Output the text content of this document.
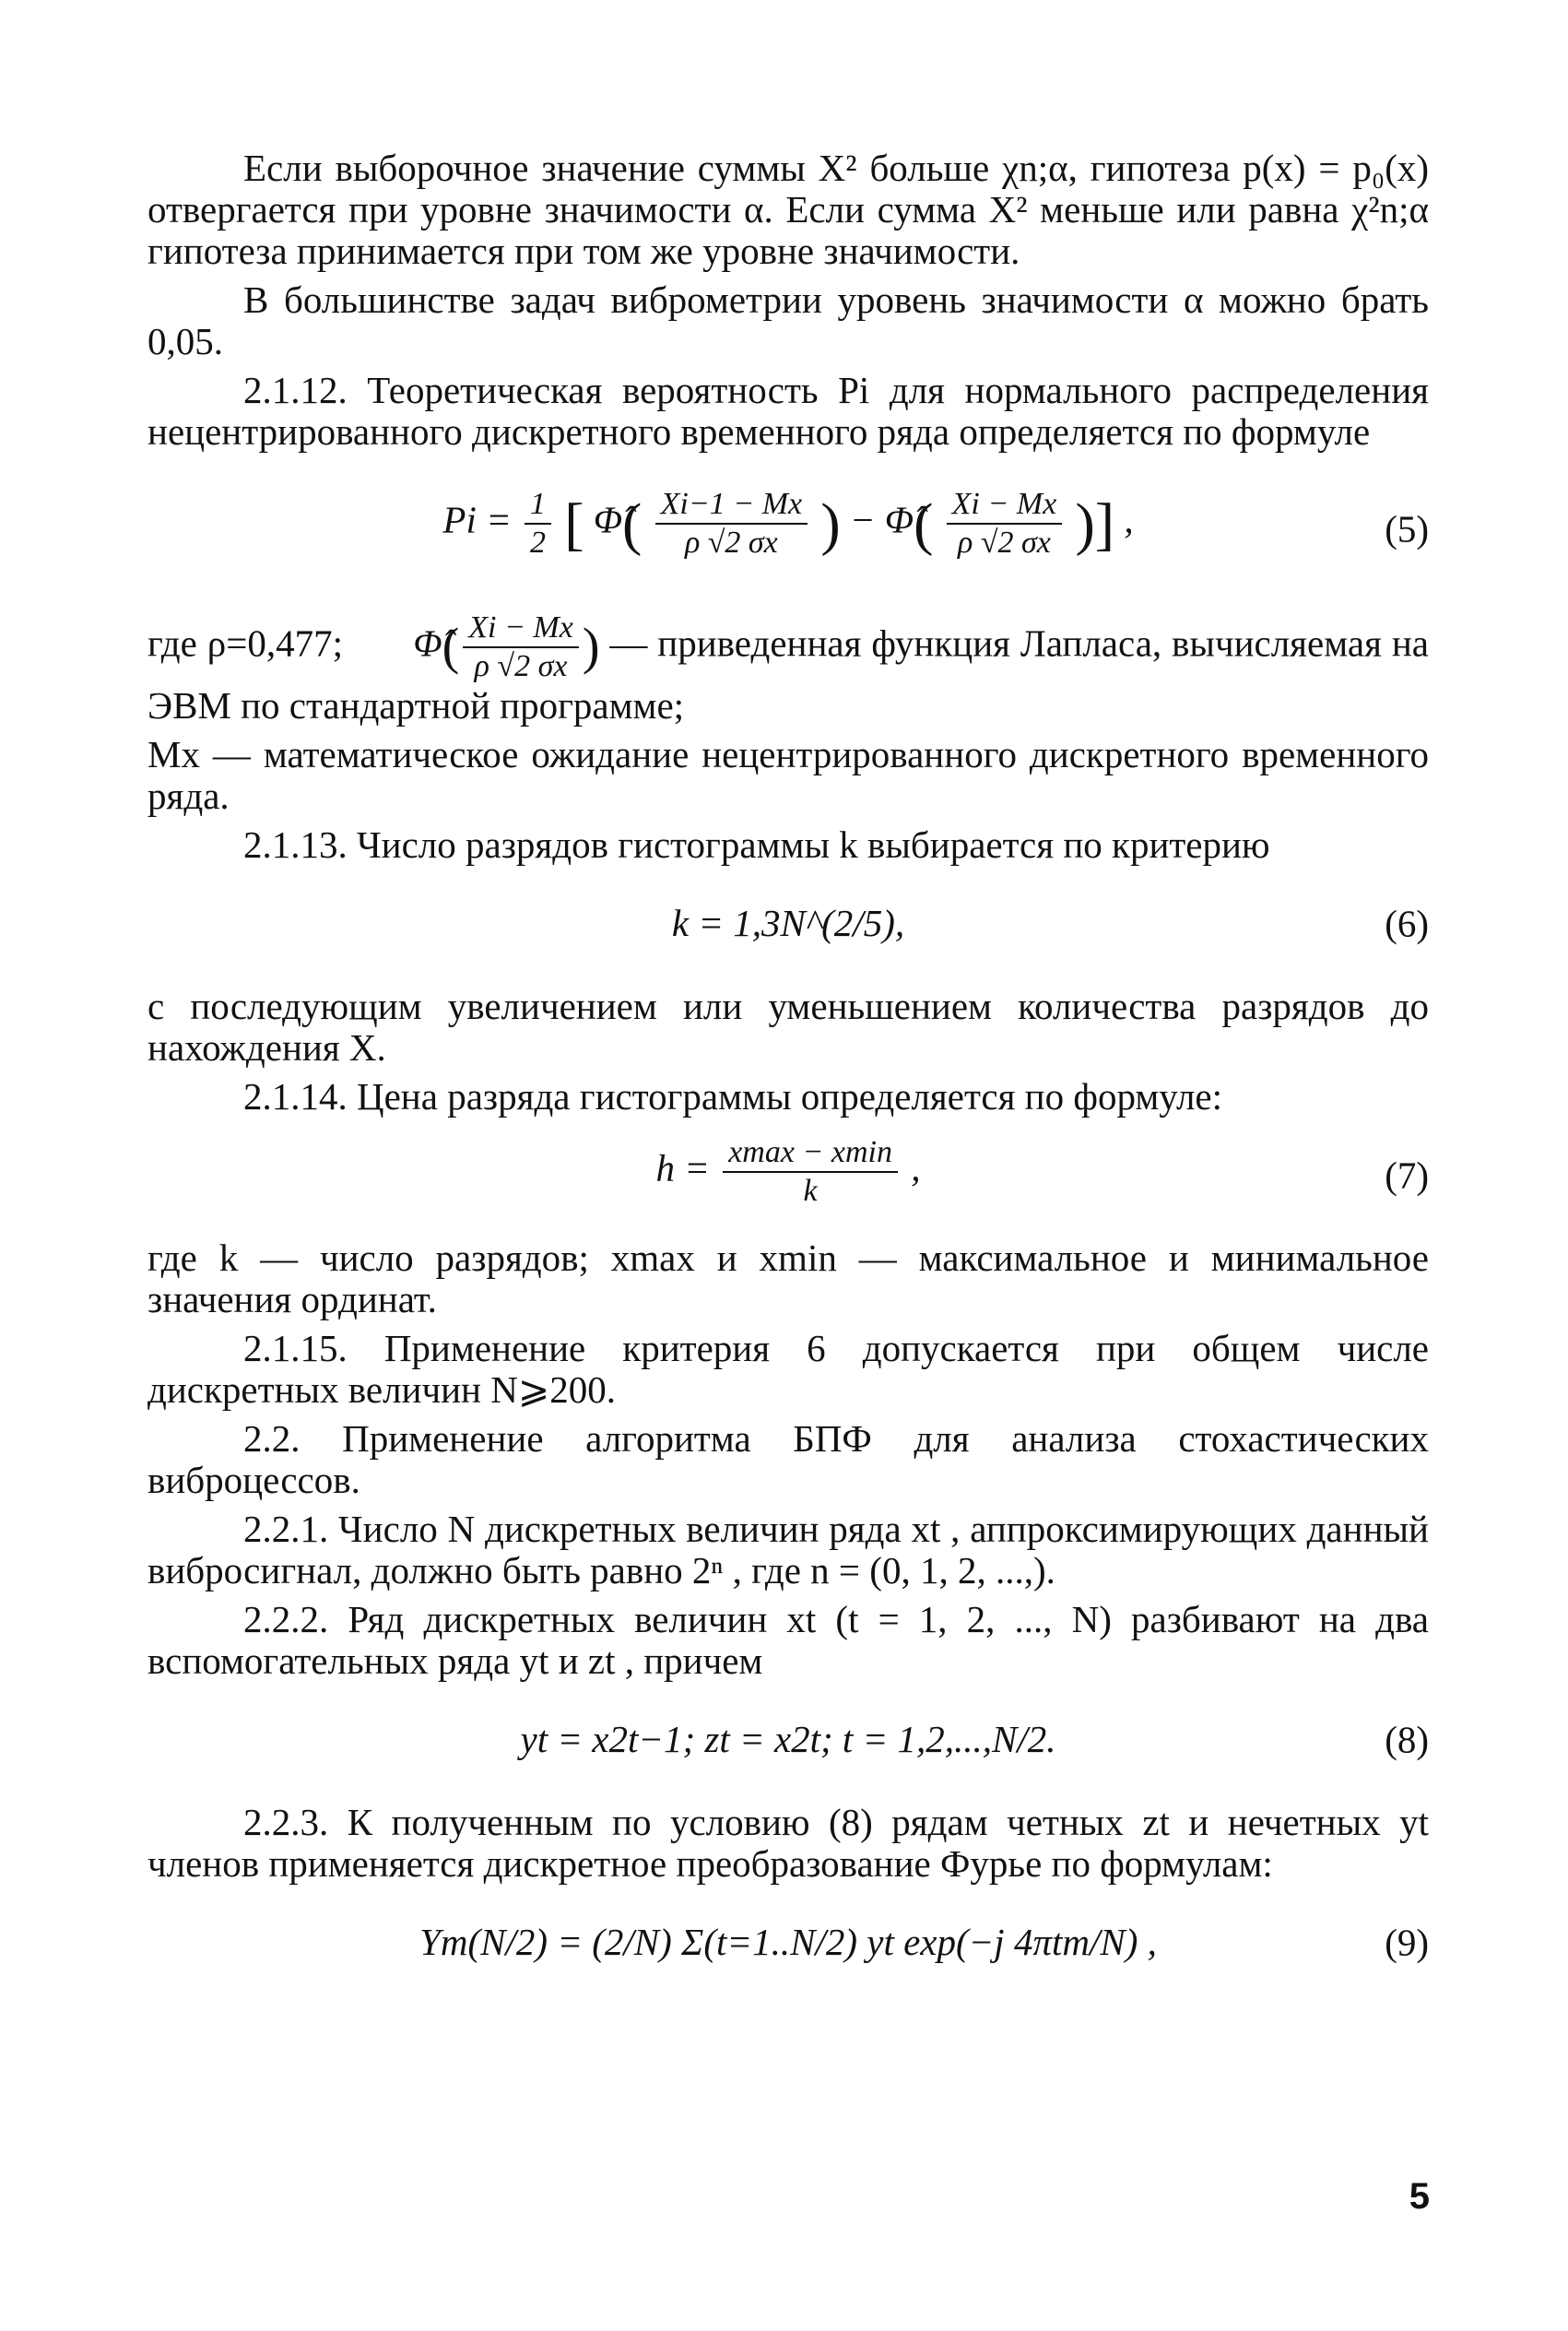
Если выборочное значение суммы Χ² больше χn;α, гипотеза p(x) = p₀(x) отвергается при уровне значимости α. Если сумма Χ² меньше или равна χ²n;α гипотеза принимается при том же уровне значимости.

В большинстве задач виброметрии уровень значимости α можно брать 0,05.

2.1.12. Теоретическая вероятность Pi для нормального распределения нецентрированного дискретного временного ряда определяется по формуле

$Pi = \frac{1}{2}$ [ Φ̂( $\frac{Xi-1 - Mx}{\rho √2 \sigma x}$ ) − Φ̂( $\frac{Xi - Mx}{\rho √2 \sigma x}$ )] ,	(5)

где ρ=0,477; Φ̂( $\frac{Xi - Mx}{\rho √2 \sigma x}$ ) — приведенная функция Лапласа, вычисляемая на ЭВМ по стандартной программе;

Mx — математическое ожидание нецентрированного дискретного временного ряда.

2.1.13. Число разрядов гистограммы k выбирается по критерию

k = 1,3N^(2/5),	(6)

с последующим увеличением или уменьшением количества разрядов до нахождения Χ.

2.1.14. Цена разряда гистограммы определяется по формуле:

$h = \frac{xmax - xmin}{k}$ ,	(7)

где k — число разрядов; xmax и xmin — максимальное и минимальное значения ординат.

2.1.15. Применение критерия 6 допускается при общем числе дискретных величин N⩾200.

2.2. Применение алгоритма БПФ для анализа стохастических виброцессов.

2.2.1. Число N дискретных величин ряда xt , аппроксимирующих данный вибросигнал, должно быть равно 2ⁿ , где n = (0, 1, 2, ...,).

2.2.2. Ряд дискретных величин xt (t = 1, 2, ..., N) разбивают на два вспомогательных ряда yt и zt , причем

yt = x2t−1; zt = x2t; t = 1,2,...,N/2.	(8)

2.2.3. К полученным по условию (8) рядам четных zt и нечетных yt членов применяется дискретное преобразование Фурье по формулам:

Ym(N/2) = (2/N) Σ(t=1..N/2) yt exp(−j 4πtm/N) ,	(9)
5
